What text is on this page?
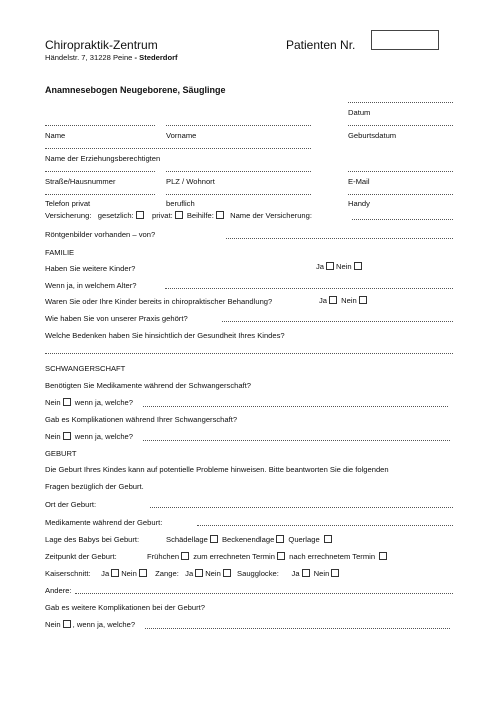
Chiropraktik-Zentrum
Händelstr. 7, 31228 Peine - Stederdorf
Patienten Nr.
Anamnesebogen Neugeborene, Säuglinge
Datum
Name	Vorname	Geburtsdatum
Name der Erziehungsberechtigten
Straße/Hausnummer	PLZ / Wohnort	E-Mail
Telefon privat	beruflich	Handy
Versicherung: gesetzlich: privat: Beihilfe: Name der Versicherung:
Röntgenbilder vorhanden – von?
FAMILIE
Haben Sie weitere Kinder?	Ja Nein
Wenn ja, in welchem Alter?
Waren Sie oder Ihre Kinder bereits in chiropraktischer Behandlung?	Ja Nein
Wie haben Sie von unserer Praxis gehört?
Welche Bedenken haben Sie hinsichtlich der Gesundheit Ihres Kindes?
SCHWANGERSCHAFT
Benötigten Sie Medikamente während der Schwangerschaft?
Nein wenn ja, welche?
Gab es Komplikationen während Ihrer Schwangerschaft?
Nein wenn ja, welche?
GEBURT
Die Geburt Ihres Kindes kann auf potentielle Probleme hinweisen. Bitte beantworten Sie die folgenden
Fragen bezüglich der Geburt.
Ort der Geburt:
Medikamente während der Geburt:
Lage des Babys bei Geburt:	Schädellage Beckenendlage Querlage
Zeitpunkt der Geburt:	Frühchen zum errechneten Termin nach errechnetem Termin
Kaiserschnitt: Ja Nein Zange: Ja Nein Saugglocke: Ja Nein
Andere:
Gab es weitere Komplikationen bei der Geburt?
Nein , wenn ja, welche?
